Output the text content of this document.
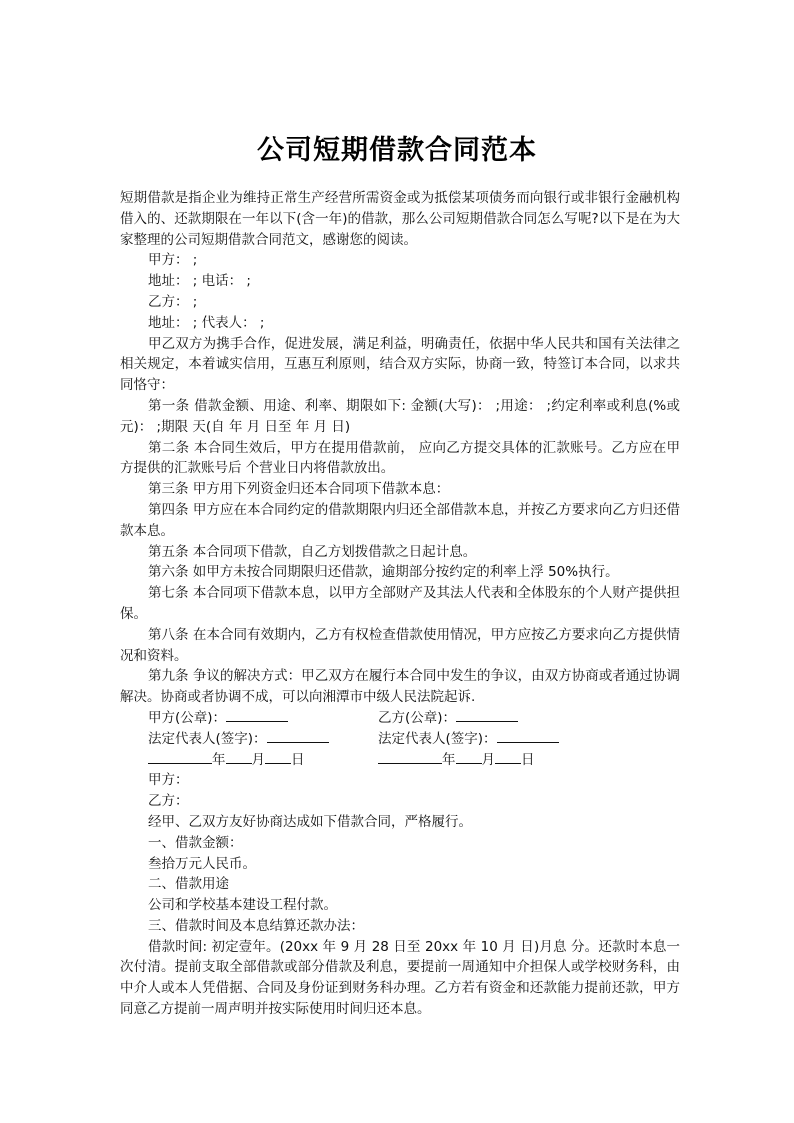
公司短期借款合同范本

短期借款是指企业为维持正常生产经营所需资金或为抵偿某项债务而向银行或非银行金融机构借入的、还款期限在一年以下(含一年)的借款，那么公司短期借款合同怎么写呢?以下是在为大家整理的公司短期借款合同范文，感谢您的阅读。

甲方： ;

地址： ; 电话： ;

乙方： ;

地址： ; 代表人： ;

甲乙双方为携手合作，促进发展，满足利益，明确责任，依据中华人民共和国有关法律之相关规定，本着诚实信用，互惠互利原则，结合双方实际，协商一致，特签订本合同，以求共同恪守：

第一条 借款金额、用途、利率、期限如下: 金额(大写)： ;用途： ;约定利率或利息(%或元)： ;期限 天(自 年 月 日至 年 月 日)

第二条 本合同生效后，甲方在提用借款前， 应向乙方提交具体的汇款账号。乙方应在甲方提供的汇款账号后 个营业日内将借款放出。

第三条 甲方用下列资金归还本合同项下借款本息：

第四条 甲方应在本合同约定的借款期限内归还全部借款本息，并按乙方要求向乙方归还借款本息。

第五条 本合同项下借款，自乙方划拨借款之日起计息。

第六条 如甲方未按合同期限归还借款，逾期部分按约定的利率上浮 50%执行。

第七条 本合同项下借款本息，以甲方全部财产及其法人代表和全体股东的个人财产提供担保。

第八条 在本合同有效期内，乙方有权检查借款使用情况，甲方应按乙方要求向乙方提供情况和资料。

第九条 争议的解决方式：甲乙双方在履行本合同中发生的争议，由双方协商或者通过协调解决。协商或者协调不成，可以向湘潭市中级人民法院起诉.

甲方(公章)：	乙方(公章)：
法定代表人(签字)：	法定代表人(签字)：
年 月 日	年 月 日

甲方：

乙方：

经甲、乙双方友好协商达成如下借款合同，严格履行。

一、借款金额：

叁拾万元人民币。

二、借款用途

公司和学校基本建设工程付款。

三、借款时间及本息结算还款办法：

借款时间: 初定壹年。(20xx 年 9 月 28 日至 20xx 年 10 月 日)月息 分。还款时本息一次付清。提前支取全部借款或部分借款及利息，要提前一周通知中介担保人或学校财务科，由中介人或本人凭借据、合同及身份证到财务科办理。乙方若有资金和还款能力提前还款，甲方同意乙方提前一周声明并按实际使用时间归还本息。
